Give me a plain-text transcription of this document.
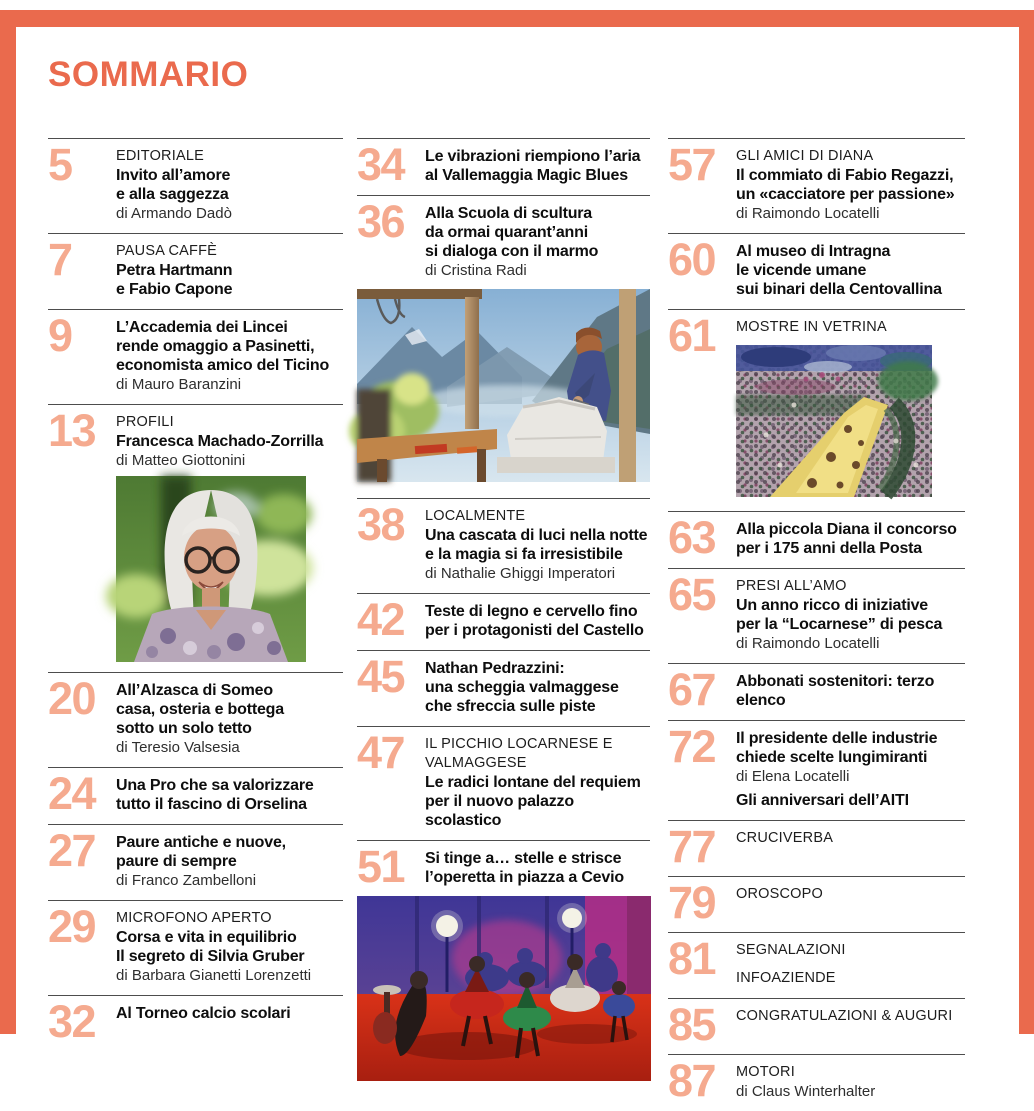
SOMMARIO
5	EDITORIALE
Invito all’amore
e alla saggezza
di Armando Dadò
7	PAUSA CAFFÈ
Petra Hartmann
e Fabio Capone
9	L’Accademia dei Lincei
rende omaggio a Pasinetti,
economista amico del Ticino
di Mauro Baranzini
13	PROFILI
Francesca Machado-Zorrilla
di Matteo Giottonini
20	All’Alzasca di Someo
casa, osteria e bottega
sotto un solo tetto
di Teresio Valsesia
24	Una Pro che sa valorizzare
tutto il fascino di Orselina
27	Paure antiche e nuove,
paure di sempre
di Franco Zambelloni
29	MICROFONO APERTO
Corsa e vita in equilibrio
Il segreto di Silvia Gruber
di Barbara Gianetti Lorenzetti
32	Al Torneo calcio scolari
34	Le vibrazioni riempiono l’aria
al Vallemaggia Magic Blues
36	Alla Scuola di scultura
da ormai quarant’anni
si dialoga con il marmo
di Cristina Radi
38	LOCALMENTE
Una cascata di luci nella notte
e la magia si fa irresistibile
di Nathalie Ghiggi Imperatori
42	Teste di legno e cervello fino
per i protagonisti del Castello
45	Nathan Pedrazzini:
una scheggia valmaggese
che sfreccia sulle piste
47	IL PICCHIO LOCARNESE E VALMAGGESE
Le radici lontane del requiem
per il nuovo palazzo scolastico
51	Si tinge a… stelle e strisce
l’operetta in piazza a Cevio
57	GLI AMICI DI DIANA
Il commiato di Fabio Regazzi,
un «cacciatore per passione»
di Raimondo Locatelli
60	Al museo di Intragna
le vicende umane
sui binari della Centovallina
61	MOSTRE IN VETRINA
63	Alla piccola Diana il concorso
per i 175 anni della Posta
65	PRESI ALL’AMO
Un anno ricco di iniziative
per la “Locarnese” di pesca
di Raimondo Locatelli
67	Abbonati sostenitori: terzo elenco
72	Il presidente delle industrie
chiede scelte lungimiranti
di Elena Locatelli
Gli anniversari dell’AITI
77	CRUCIVERBA
79	OROSCOPO
81	SEGNALAZIONI
INFOAZIENDE
85	CONGRATULAZIONI & AUGURI
87	MOTORI
di Claus Winterhalter
